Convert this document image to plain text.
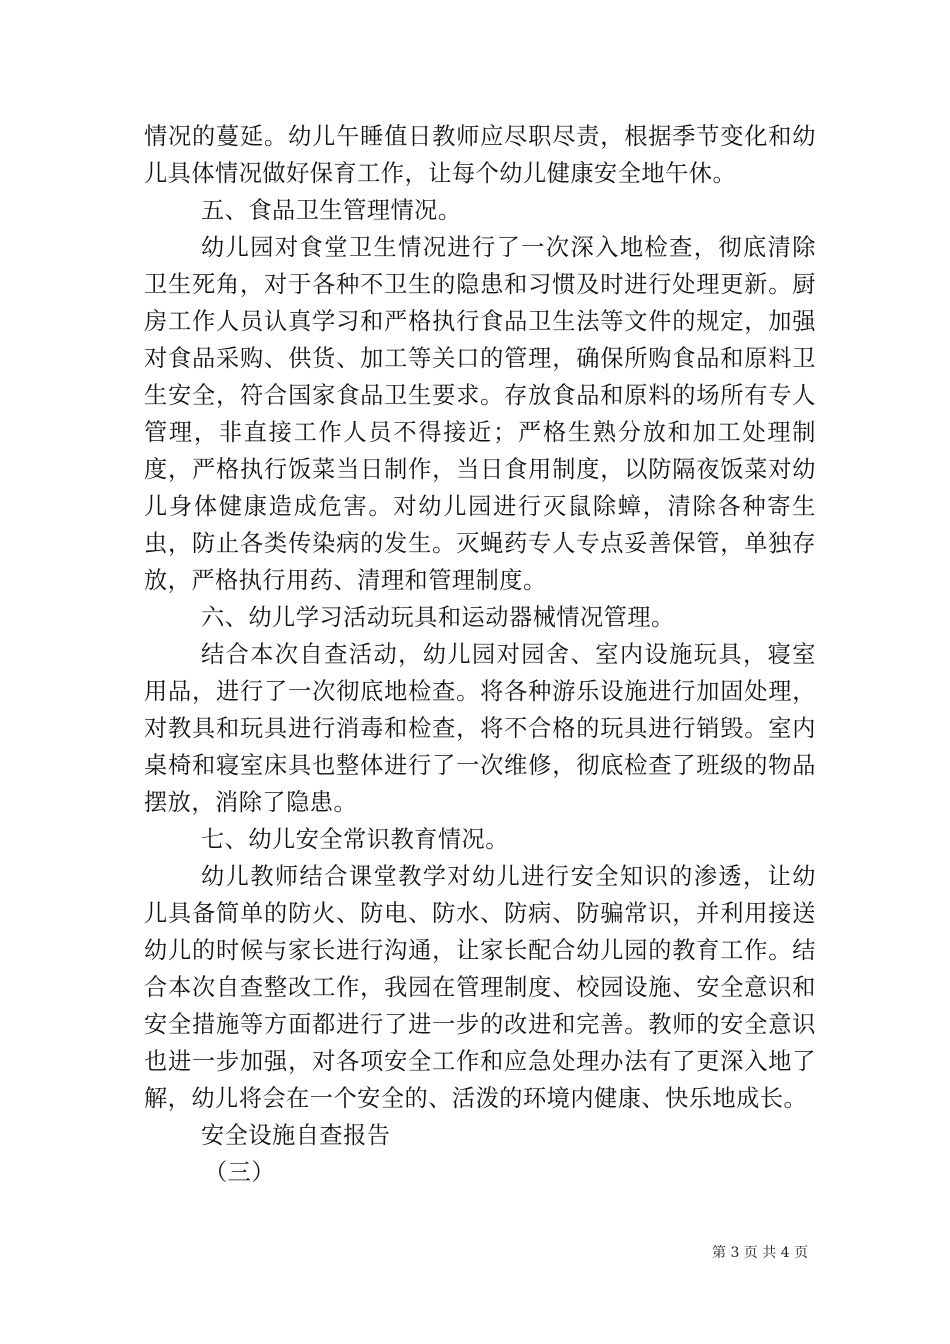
情况的蔓延。幼儿午睡值日教师应尽职尽责，根据季节变化和幼儿具体情况做好保育工作，让每个幼儿健康安全地午休。

五、食品卫生管理情况。

幼儿园对食堂卫生情况进行了一次深入地检查，彻底清除卫生死角，对于各种不卫生的隐患和习惯及时进行处理更新。厨房工作人员认真学习和严格执行食品卫生法等文件的规定，加强对食品采购、供货、加工等关口的管理，确保所购食品和原料卫生安全，符合国家食品卫生要求。存放食品和原料的场所有专人管理，非直接工作人员不得接近；严格生熟分放和加工处理制度，严格执行饭菜当日制作，当日食用制度，以防隔夜饭菜对幼儿身体健康造成危害。对幼儿园进行灭鼠除蟑，清除各种寄生虫，防止各类传染病的发生。灭蝇药专人专点妥善保管，单独存放，严格执行用药、清理和管理制度。

六、幼儿学习活动玩具和运动器械情况管理。

结合本次自查活动，幼儿园对园舍、室内设施玩具，寝室用品，进行了一次彻底地检查。将各种游乐设施进行加固处理，对教具和玩具进行消毒和检查，将不合格的玩具进行销毁。室内桌椅和寝室床具也整体进行了一次维修，彻底检查了班级的物品摆放，消除了隐患。

七、幼儿安全常识教育情况。

幼儿教师结合课堂教学对幼儿进行安全知识的渗透，让幼儿具备简单的防火、防电、防水、防病、防骗常识，并利用接送幼儿的时候与家长进行沟通，让家长配合幼儿园的教育工作。结合本次自查整改工作，我园在管理制度、校园设施、安全意识和安全措施等方面都进行了进一步的改进和完善。教师的安全意识也进一步加强，对各项安全工作和应急处理办法有了更深入地了解，幼儿将会在一个安全的、活泼的环境内健康、快乐地成长。

安全设施自查报告

（三）

第 3 页 共 4 页
